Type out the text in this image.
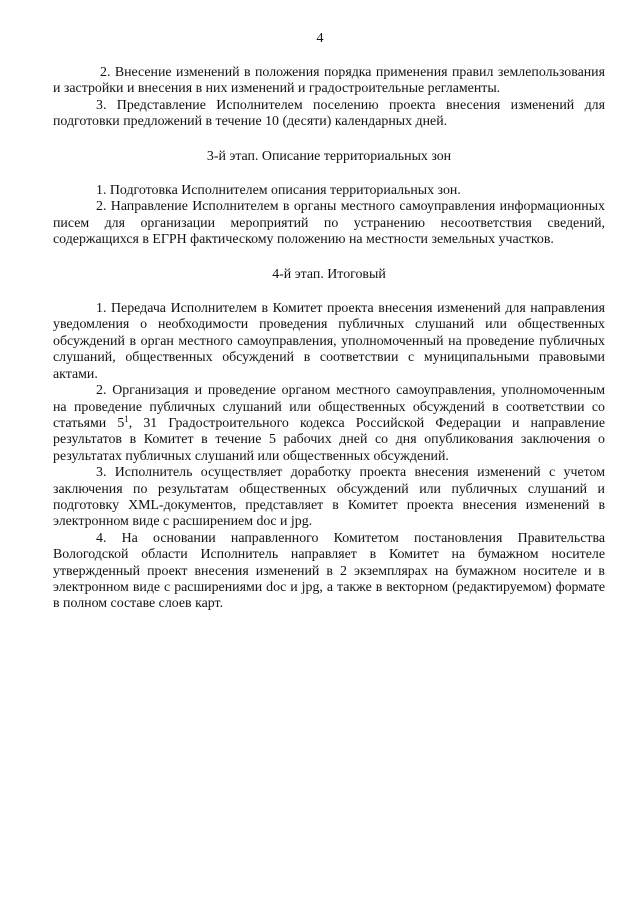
4

2. Внесение изменений в положения порядка применения правил землепользования и застройки и внесения в них изменений и градостроительные регламенты.

3. Представление Исполнителем поселению проекта внесения изменений для подготовки предложений в течение 10 (десяти) календарных дней.

3-й этап. Описание территориальных зон

1. Подготовка Исполнителем описания территориальных зон.

2. Направление Исполнителем в органы местного самоуправления информационных писем для организации мероприятий по устранению несоответствия сведений, содержащихся в ЕГРН фактическому положению на местности земельных участков.

4-й этап. Итоговый

1. Передача Исполнителем в Комитет проекта внесения изменений для направления уведомления о необходимости проведения публичных слушаний или общественных обсуждений в орган местного самоуправления, уполномоченный на проведение публичных слушаний, общественных обсуждений в соответствии с муниципальными правовыми актами.

2. Организация и проведение органом местного самоуправления, уполномоченным на проведение публичных слушаний или общественных обсуждений в соответствии со статьями $5^1$, 31 Градостроительного кодекса Российской Федерации и направление результатов в Комитет в течение 5 рабочих дней со дня опубликования заключения о результатах публичных слушаний или общественных обсуждений.

3. Исполнитель осуществляет доработку проекта внесения изменений с учетом заключения по результатам общественных обсуждений или публичных слушаний и подготовку XML-документов, представляет в Комитет проекта внесения изменений в электронном виде с расширением doc и jpg.

4. На основании направленного Комитетом постановления Правительства Вологодской области Исполнитель направляет в Комитет на бумажном носителе утвержденный проект внесения изменений в 2 экземплярах на бумажном носителе и в электронном виде с расширениями doc и jpg, а также в векторном (редактируемом) формате в полном составе слоев карт.
